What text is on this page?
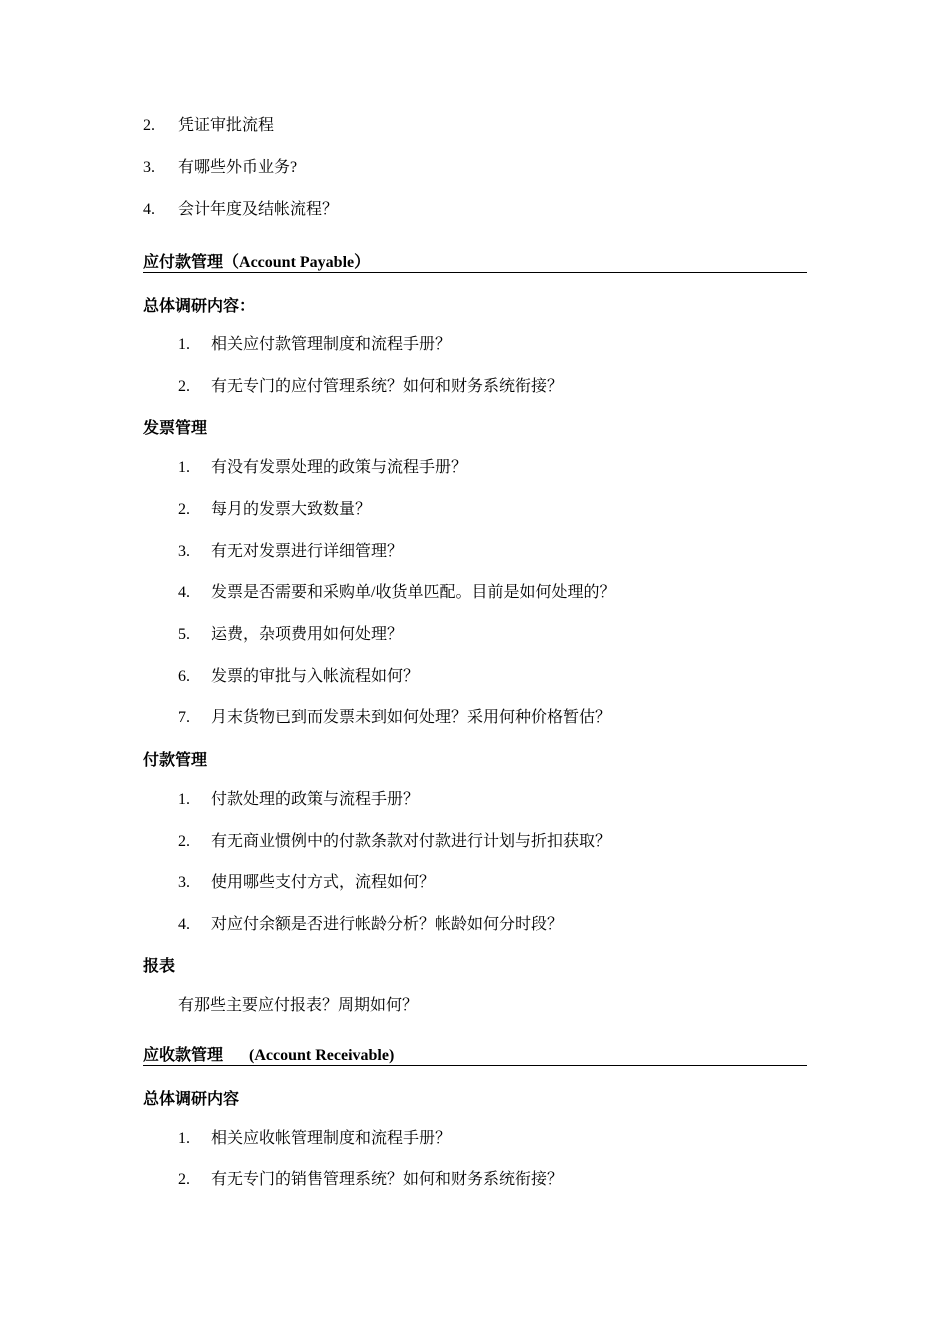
2. 凭证审批流程
3. 有哪些外币业务?
4. 会计年度及结帐流程？
应付款管理（Account Payable）
总体调研内容：
1. 相关应付款管理制度和流程手册？
2. 有无专门的应付管理系统？如何和财务系统衔接？
发票管理
1. 有没有发票处理的政策与流程手册？
2. 每月的发票大致数量？
3. 有无对发票进行详细管理？
4. 发票是否需要和采购单/收货单匹配。目前是如何处理的？
5. 运费，杂项费用如何处理？
6. 发票的审批与入帐流程如何？
7. 月末货物已到而发票未到如何处理？采用何种价格暂估？
付款管理
1. 付款处理的政策与流程手册？
2. 有无商业惯例中的付款条款对付款进行计划与折扣获取？
3. 使用哪些支付方式，流程如何？
4. 对应付余额是否进行帐龄分析？帐龄如何分时段？
报表
有那些主要应付报表？周期如何？
应收款管理 (Account Receivable)
总体调研内容
1. 相关应收帐管理制度和流程手册？
2. 有无专门的销售管理系统？如何和财务系统衔接？
